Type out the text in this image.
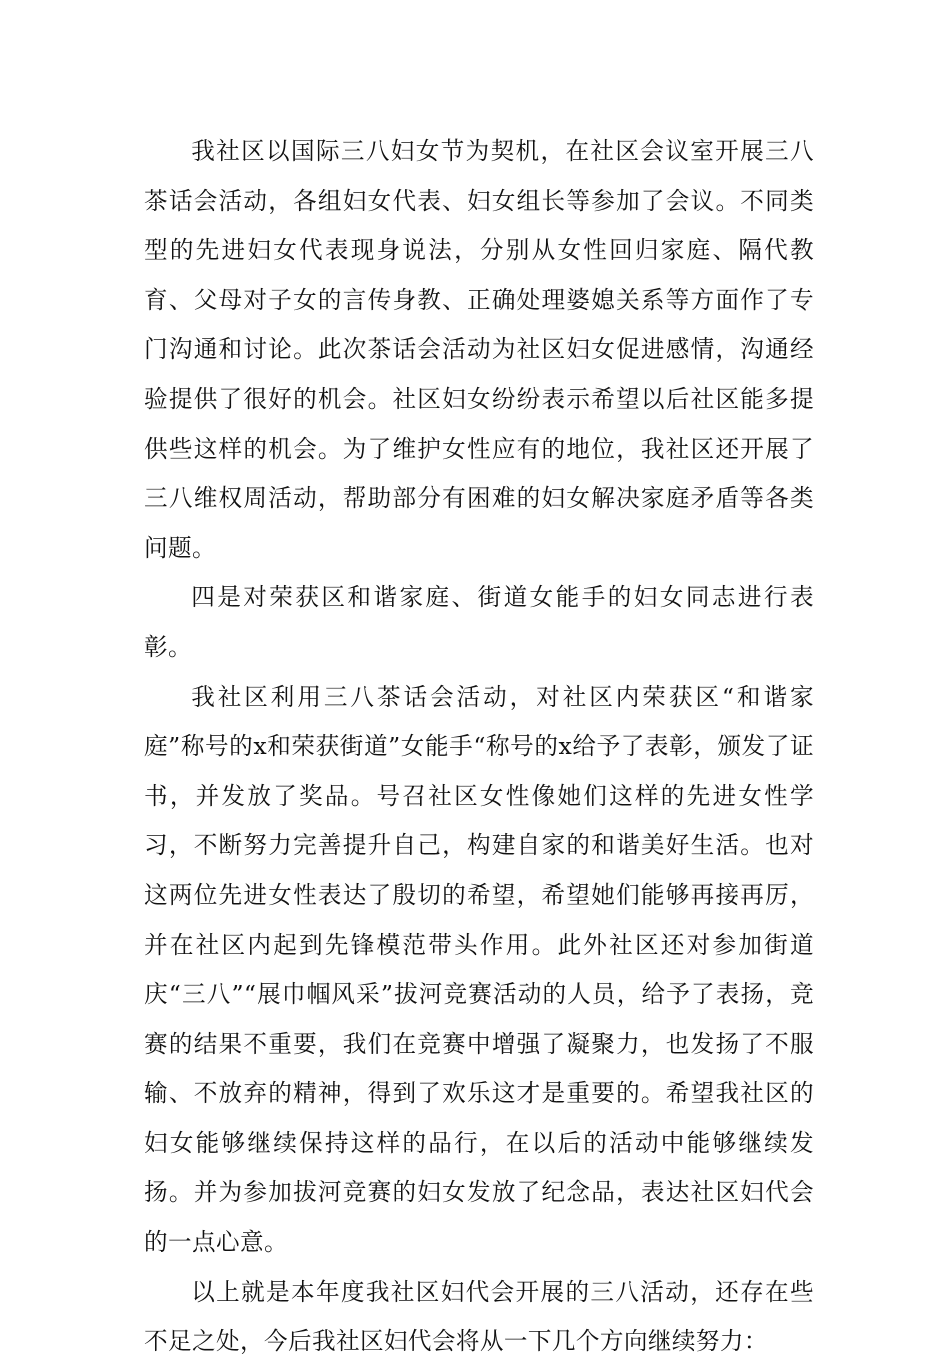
我社区以国际三八妇女节为契机，在社区会议室开展三八茶话会活动，各组妇女代表、妇女组长等参加了会议。不同类型的先进妇女代表现身说法，分别从女性回归家庭、隔代教育、父母对子女的言传身教、正确处理婆媳关系等方面作了专门沟通和讨论。此次茶话会活动为社区妇女促进感情，沟通经验提供了很好的机会。社区妇女纷纷表示希望以后社区能多提供些这样的机会。为了维护女性应有的地位，我社区还开展了三八维权周活动，帮助部分有困难的妇女解决家庭矛盾等各类问题。

四是对荣获区和谐家庭、街道女能手的妇女同志进行表彰。

我社区利用三八茶话会活动，对社区内荣获区“和谐家庭”称号的x和荣获街道”女能手“称号的x给予了表彰，颁发了证书，并发放了奖品。号召社区女性像她们这样的先进女性学习，不断努力完善提升自己，构建自家的和谐美好生活。也对这两位先进女性表达了殷切的希望，希望她们能够再接再厉，并在社区内起到先锋模范带头作用。此外社区还对参加街道庆“三八”“展巾帼风采”拔河竞赛活动的人员，给予了表扬，竞赛的结果不重要，我们在竞赛中增强了凝聚力，也发扬了不服输、不放弃的精神，得到了欢乐这才是重要的。希望我社区的妇女能够继续保持这样的品行，在以后的活动中能够继续发扬。并为参加拔河竞赛的妇女发放了纪念品，表达社区妇代会的一点心意。

以上就是本年度我社区妇代会开展的三八活动，还存在些不足之处，今后我社区妇代会将从一下几个方向继续努力：
